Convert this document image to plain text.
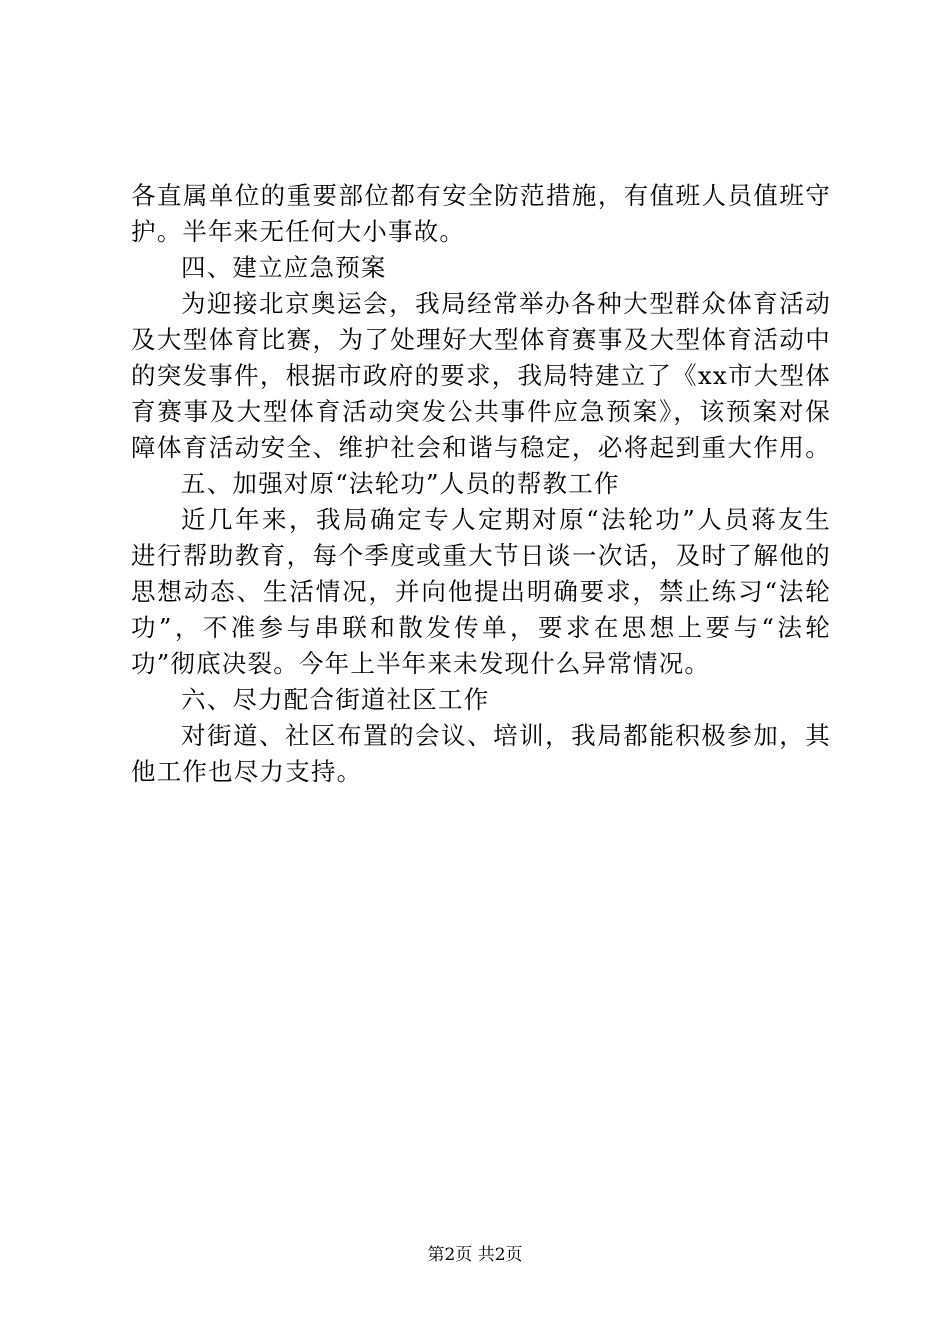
各直属单位的重要部位都有安全防范措施，有值班人员值班守
护。半年来无任何大小事故。
四、建立应急预案
为迎接北京奥运会，我局经常举办各种大型群众体育活动
及大型体育比赛，为了处理好大型体育赛事及大型体育活动中
的突发事件，根据市政府的要求，我局特建立了《xx市大型体
育赛事及大型体育活动突发公共事件应急预案》，该预案对保
障体育活动安全、维护社会和谐与稳定，必将起到重大作用。
五、加强对原“法轮功”人员的帮教工作
近几年来，我局确定专人定期对原“法轮功”人员蒋友生
进行帮助教育，每个季度或重大节日谈一次话，及时了解他的
思想动态、生活情况，并向他提出明确要求，禁止练习“法轮
功”，不准参与串联和散发传单，要求在思想上要与“法轮
功”彻底决裂。今年上半年来未发现什么异常情况。
六、尽力配合街道社区工作
对街道、社区布置的会议、培训，我局都能积极参加，其
他工作也尽力支持。
第2页 共2页
